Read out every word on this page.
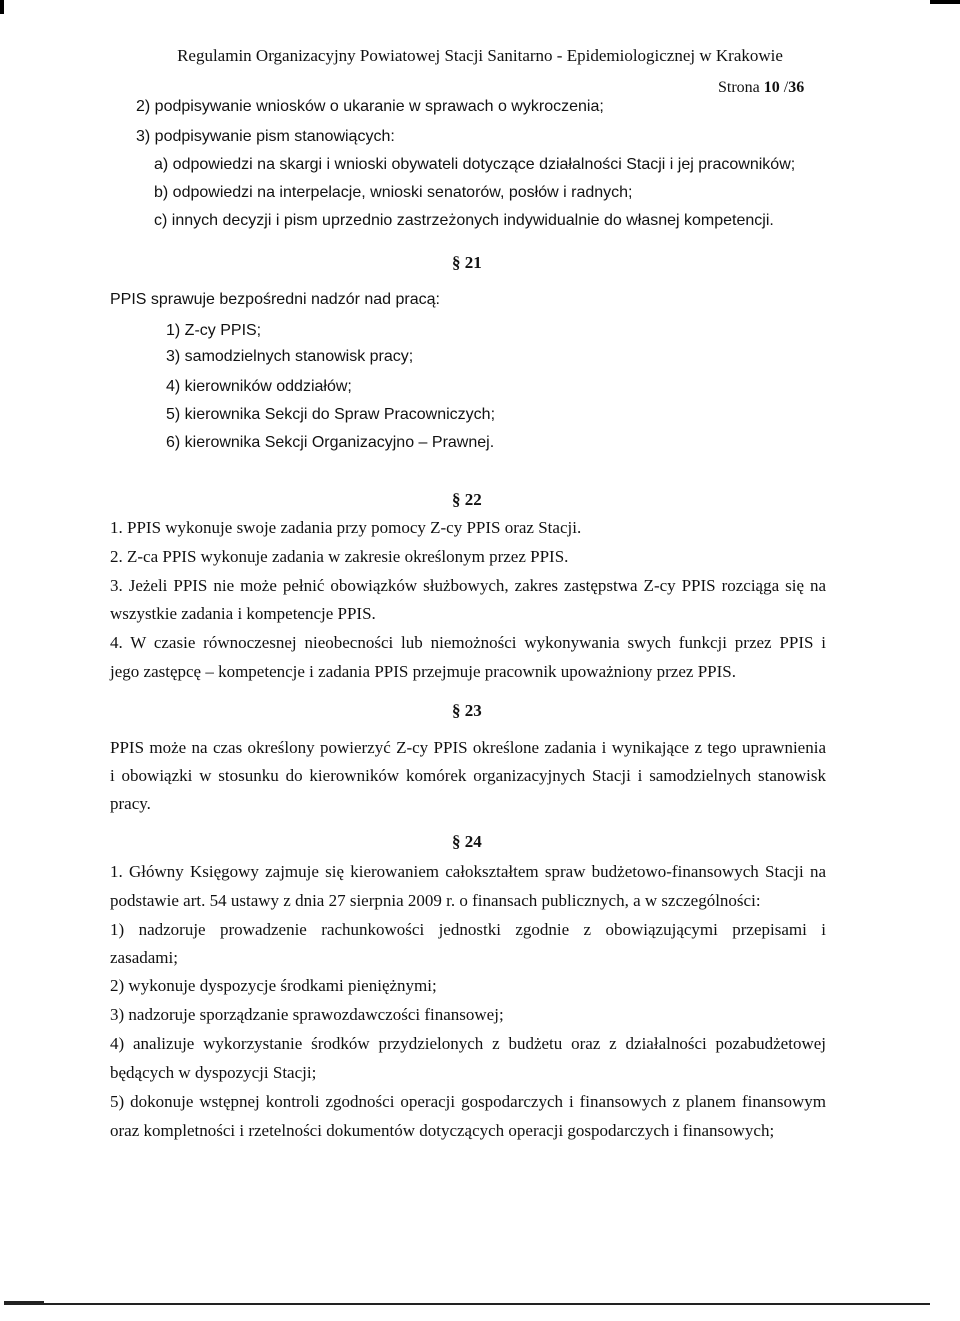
Regulamin Organizacyjny Powiatowej Stacji Sanitarno - Epidemiologicznej w Krakowie
Strona 10 /36
2) podpisywanie wniosków o ukaranie w sprawach o wykroczenia;
3) podpisywanie pism stanowiących:
a) odpowiedzi na skargi i wnioski obywateli dotyczące działalności Stacji i jej pracowników;
b) odpowiedzi na interpelacje, wnioski senatorów, posłów i radnych;
c) innych decyzji i pism uprzednio zastrzeżonych indywidualnie do własnej kompetencji.
§ 21
PPIS sprawuje bezpośredni nadzór nad pracą:
1) Z-cy PPIS;
3) samodzielnych stanowisk pracy;
4) kierowników oddziałów;
5) kierownika Sekcji do Spraw Pracowniczych;
6) kierownika Sekcji Organizacyjno – Prawnej.
§ 22
1. PPIS wykonuje swoje zadania przy pomocy Z-cy PPIS oraz Stacji.
2. Z-ca PPIS wykonuje zadania w zakresie określonym przez PPIS.
3. Jeżeli PPIS nie może pełnić obowiązków służbowych, zakres zastępstwa Z-cy PPIS rozciąga się na
wszystkie zadania i kompetencje PPIS.
4. W czasie równoczesnej nieobecności lub niemożności wykonywania swych funkcji przez PPIS i
jego zastępcę – kompetencje i zadania PPIS przejmuje pracownik upoważniony przez PPIS.
§ 23
PPIS może na czas określony powierzyć Z-cy PPIS określone zadania i wynikające z tego uprawnienia
i obowiązki w stosunku do kierowników komórek organizacyjnych Stacji i samodzielnych stanowisk
pracy.
§ 24
1. Główny Księgowy zajmuje się kierowaniem całokształtem spraw budżetowo-finansowych Stacji na
podstawie art. 54 ustawy z dnia 27 sierpnia 2009 r. o finansach publicznych, a w szczególności:
1) nadzoruje prowadzenie rachunkowości jednostki zgodnie z obowiązującymi przepisami i
zasadami;
2) wykonuje dyspozycje środkami pieniężnymi;
3) nadzoruje sporządzanie sprawozdawczości finansowej;
4) analizuje wykorzystanie środków przydzielonych z budżetu oraz z działalności pozabudżetowej
będących w dyspozycji Stacji;
5) dokonuje wstępnej kontroli zgodności operacji gospodarczych i finansowych z planem finansowym
oraz kompletności i rzetelności dokumentów dotyczących operacji gospodarczych i finansowych;
